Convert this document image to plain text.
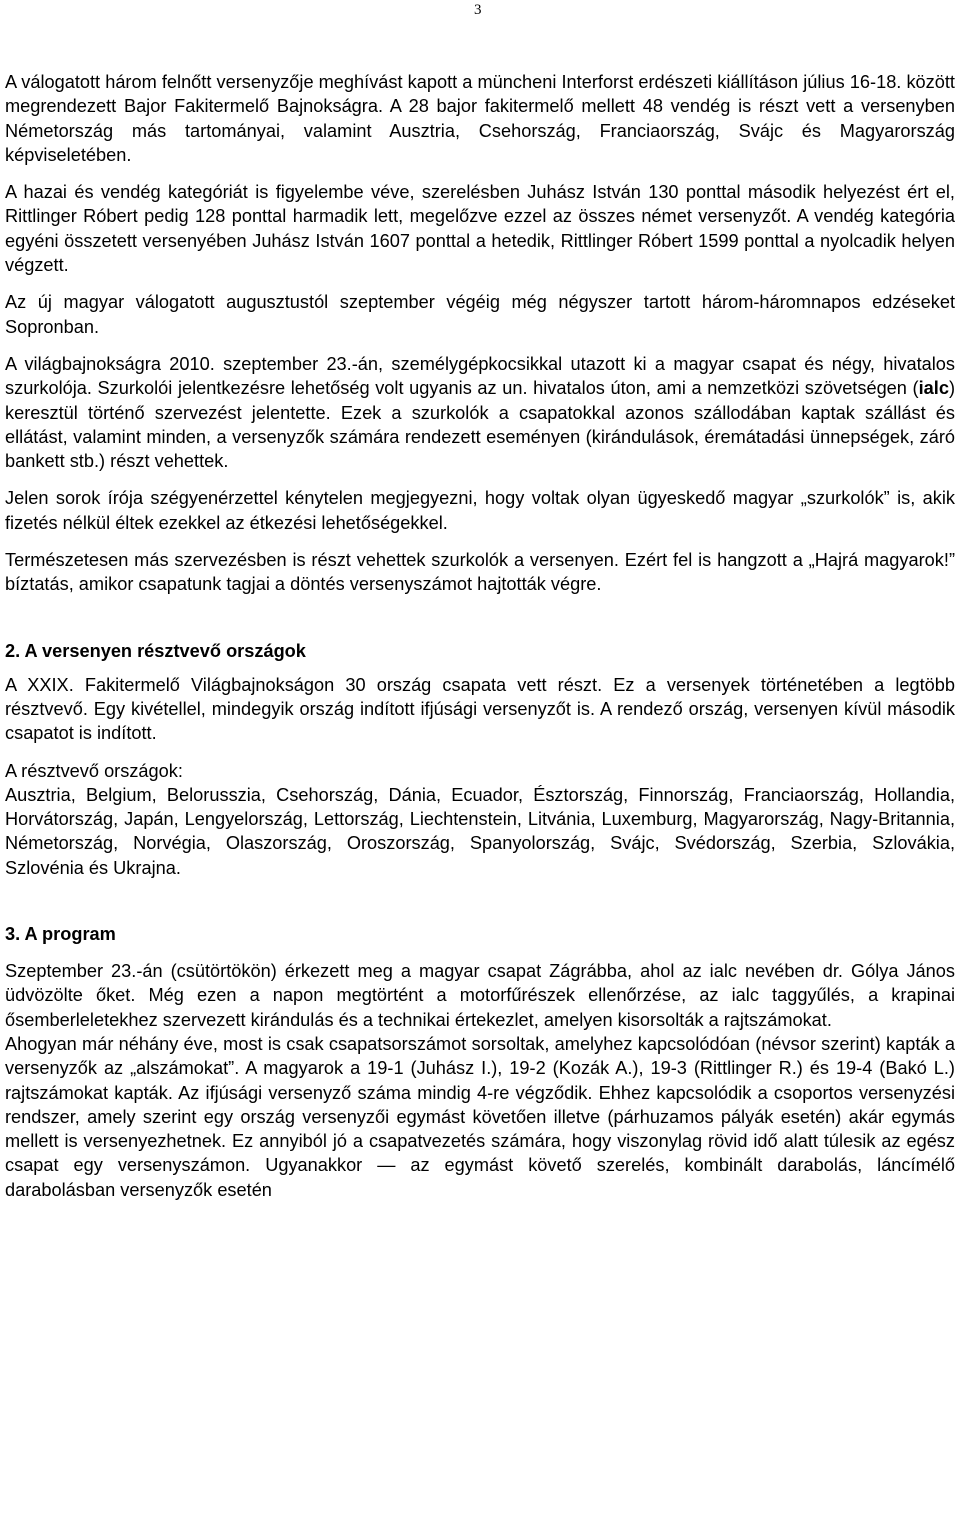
3

A válogatott három felnőtt versenyzője meghívást kapott a müncheni Interforst erdészeti kiállításon július 16-18. között megrendezett Bajor Fakitermelő Bajnokságra. A 28 bajor fakitermelő mellett 48 vendég is részt vett a versenyben Németország más tartományai, valamint Ausztria, Csehország, Franciaország, Svájc és Magyarország képviseletében.

A hazai és vendég kategóriát is figyelembe véve, szerelésben Juhász István 130 ponttal második helyezést ért el, Rittlinger Róbert pedig 128 ponttal harmadik lett, megelőzve ezzel az összes német versenyzőt. A vendég kategória egyéni összetett versenyében Juhász István 1607 ponttal a hetedik, Rittlinger Róbert 1599 ponttal a nyolcadik helyen végzett.

Az új magyar válogatott augusztustól szeptember végéig még négyszer tartott három-háromnapos edzéseket Sopronban.

A világbajnokságra 2010. szeptember 23.-án, személygépkocsikkal utazott ki a magyar csapat és négy, hivatalos szurkolója. Szurkolói jelentkezésre lehetőség volt ugyanis az un. hivatalos úton, ami a nemzetközi szövetségen (ialc) keresztül történő szervezést jelentette. Ezek a szurkolók a csapatokkal azonos szállodában kaptak szállást és ellátást, valamint minden, a versenyzők számára rendezett eseményen (kirándulások, éremátadási ünnepségek, záró bankett stb.) részt vehettek.

Jelen sorok írója szégyenérzettel kénytelen megjegyezni, hogy voltak olyan ügyeskedő magyar „szurkolók” is, akik fizetés nélkül éltek ezekkel az étkezési lehetőségekkel.

Természetesen más szervezésben is részt vehettek szurkolók a versenyen. Ezért fel is hangzott a „Hajrá magyarok!” bíztatás, amikor csapatunk tagjai a döntés versenyszámot hajtották végre.

2. A versenyen résztvevő országok

A XXIX. Fakitermelő Világbajnokságon 30 ország csapata vett részt. Ez a versenyek történetében a legtöbb résztvevő. Egy kivétellel, mindegyik ország indított ifjúsági versenyzőt is. A rendező ország, versenyen kívül második csapatot is indított.

A résztvevő országok:

Ausztria, Belgium, Belorusszia, Csehország, Dánia, Ecuador, Észtország, Finnország, Franciaország, Hollandia, Horvátország, Japán, Lengyelország, Lettország, Liechtenstein, Litvánia, Luxemburg, Magyarország, Nagy-Britannia, Németország, Norvégia, Olaszország, Oroszország, Spanyolország, Svájc, Svédország, Szerbia, Szlovákia, Szlovénia és Ukrajna.

3. A program

Szeptember 23.-án (csütörtökön) érkezett meg a magyar csapat Zágrábba, ahol az ialc nevében dr. Gólya János üdvözölte őket. Még ezen a napon megtörtént a motorfűrészek ellenőrzése, az ialc taggyűlés, a krapinai ősemberleletekhez szervezett kirándulás és a technikai értekezlet, amelyen kisorsolták a rajtszámokat.

Ahogyan már néhány éve, most is csak csapatsorszámot sorsoltak, amelyhez kapcsolódóan (névsor szerint) kapták a versenyzők az „alszámokat”. A magyarok a 19-1 (Juhász I.), 19-2 (Kozák A.), 19-3 (Rittlinger R.) és 19-4 (Bakó L.) rajtszámokat kapták. Az ifjúsági versenyző száma mindig 4-re végződik. Ehhez kapcsolódik a csoportos versenyzési rendszer, amely szerint egy ország versenyzői egymást követően illetve (párhuzamos pályák esetén) akár egymás mellett is versenyezhetnek. Ez annyiból jó a csapatvezetés számára, hogy viszonylag rövid idő alatt túlesik az egész csapat egy versenyszámon. Ugyanakkor — az egymást követő szerelés, kombinált darabolás, láncímélő darabolásban versenyzők esetén
